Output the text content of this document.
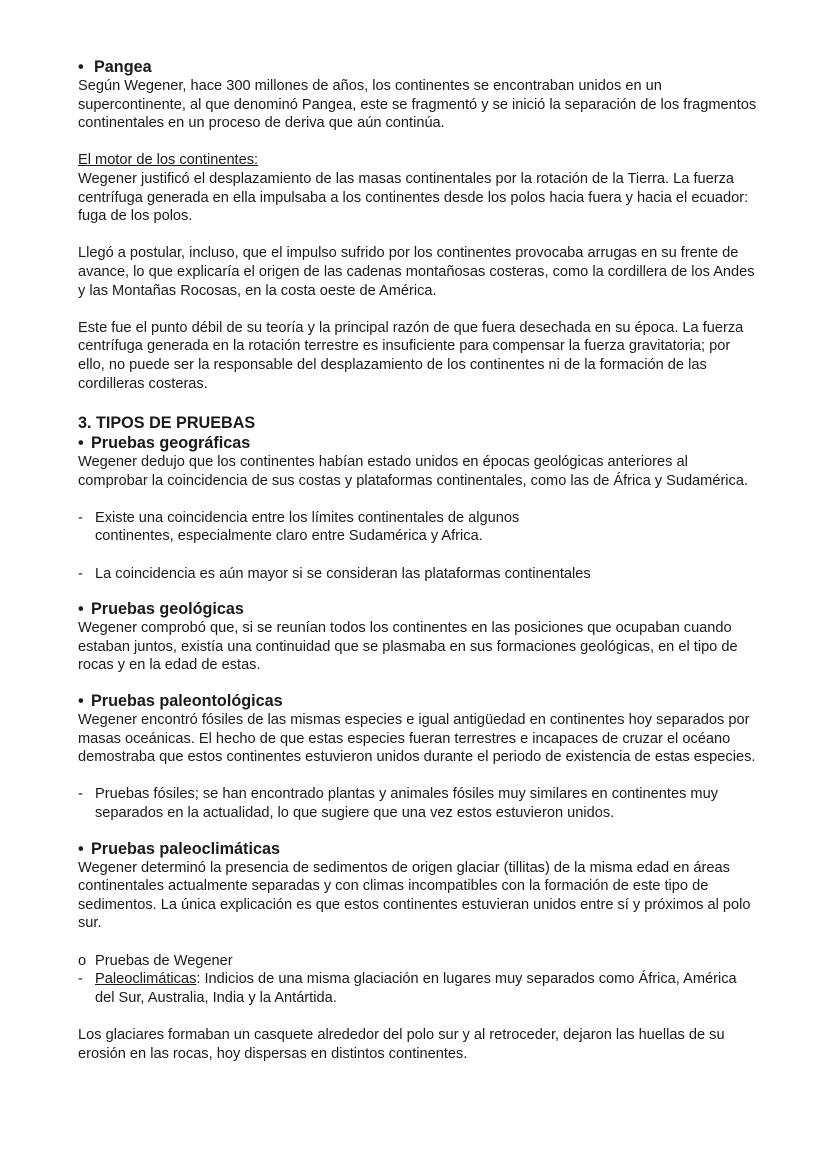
• Pangea

Según Wegener, hace 300 millones de años, los continentes se encontraban unidos en un supercontinente, al que denominó Pangea, este se fragmentó y se inició la separación de los fragmentos continentales en un proceso de deriva que aún continúa.

El motor de los continentes:

Wegener justificó el desplazamiento de las masas continentales por la rotación de la Tierra. La fuerza centrífuga generada en ella impulsaba a los continentes desde los polos hacia fuera y hacia el ecuador: fuga de los polos.

Llegó a postular, incluso, que el impulso sufrido por los continentes provocaba arrugas en su frente de avance, lo que explicaría el origen de las cadenas montañosas costeras, como la cordillera de los Andes y las Montañas Rocosas, en la costa oeste de América.

Este fue el punto débil de su teoría y la principal razón de que fuera desechada en su época. La fuerza centrífuga generada en la rotación terrestre es insuficiente para compensar la fuerza gravitatoria; por ello, no puede ser la responsable del desplazamiento de los continentes ni de la formación de las cordilleras costeras.

3. TIPOS DE PRUEBAS
• Pruebas geográficas

Wegener dedujo que los continentes habían estado unidos en épocas geológicas anteriores al comprobar la coincidencia de sus costas y plataformas continentales, como las de África y Sudamérica.

- Existe una coincidencia entre los límites continentales de algunos continentes, especialmente claro entre Sudamérica y Africa.
- La coincidencia es aún mayor si se consideran las plataformas continentales
• Pruebas geológicas

Wegener comprobó que, si se reunían todos los continentes en las posiciones que ocupaban cuando estaban juntos, existía una continuidad que se plasmaba en sus formaciones geológicas, en el tipo de rocas y en la edad de estas.

• Pruebas paleontológicas

Wegener encontró fósiles de las mismas especies e igual antigüedad en continentes hoy separados por masas oceánicas. El hecho de que estas especies fueran terrestres e incapaces de cruzar el océano demostraba que estos continentes estuvieron unidos durante el periodo de existencia de estas especies.

- Pruebas fósiles; se han encontrado plantas y animales fósiles muy similares en continentes muy separados en la actualidad, lo que sugiere que una vez estos estuvieron unidos.
• Pruebas paleoclimáticas

Wegener determinó la presencia de sedimentos de origen glaciar (tillitas) de la misma edad en áreas continentales actualmente separadas y con climas incompatibles con la formación de este tipo de sedimentos. La única explicación es que estos continentes estuvieran unidos entre sí y próximos al polo sur.

o Pruebas de Wegener
- Paleoclimáticas: Indicios de una misma glaciación en lugares muy separados como África, América del Sur, Australia, India y la Antártida.

Los glaciares formaban un casquete alrededor del polo sur y al retroceder, dejaron las huellas de su erosión en las rocas, hoy dispersas en distintos continentes.
